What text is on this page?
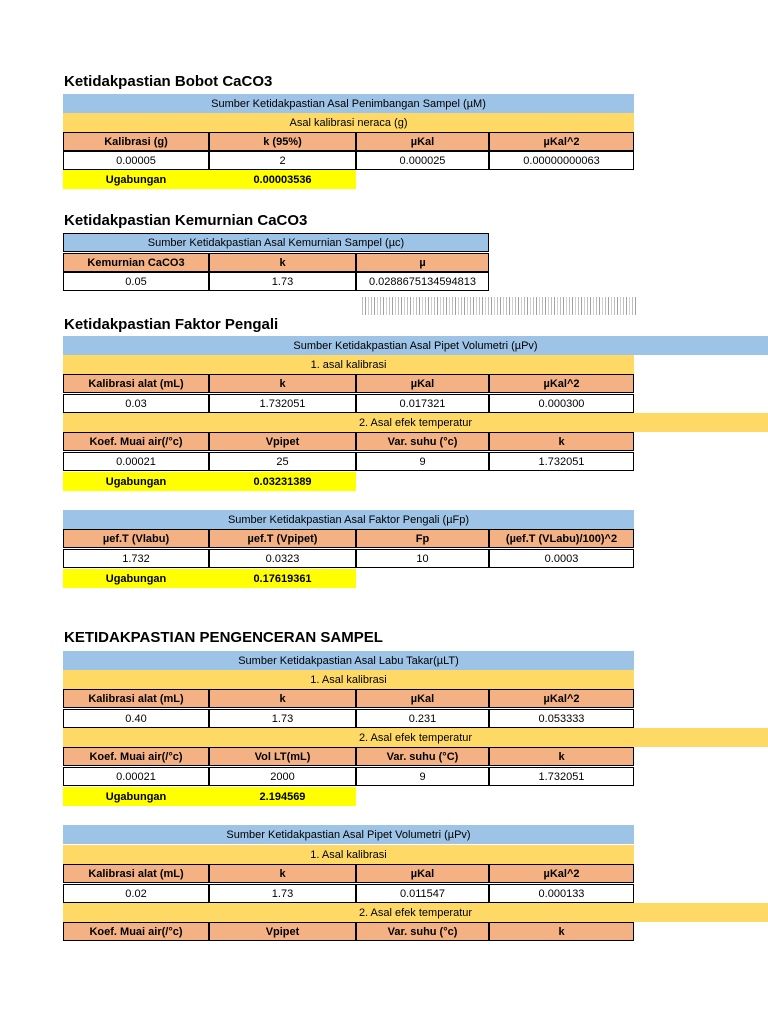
Ketidakpastian Bobot CaCO3
Sumber Ketidakpastian Asal Penimbangan Sampel (µM)
Asal kalibrasi neraca (g)
Kalibrasi (g)	k (95%)	µKal	µKal^2
0.00005	2	0.000025	0.00000000063
Ugabungan	0.00003536
Ketidakpastian Kemurnian CaCO3
Sumber Ketidakpastian Asal Kemurnian Sampel (µc)
Kemurnian CaCO3	k	µ
0.05	1.73	0.0288675134594813
Ketidakpastian Faktor Pengali
Sumber Ketidakpastian Asal Pipet Volumetri (µPv)
1. asal kalibrasi
Kalibrasi alat (mL)	k	µKal	µKal^2
0.03	1.732051	0.017321	0.000300
2. Asal efek temperatur
Koef. Muai air(/°c)	Vpipet	Var. suhu (°c)	k
0.00021	25	9	1.732051
Ugabungan	0.03231389
Sumber Ketidakpastian Asal Faktor Pengali (µFp)
µef.T (Vlabu)	µef.T (Vpipet)	Fp	(µef.T (VLabu)/100)^2
1.732	0.0323	10	0.0003
Ugabungan	0.17619361
KETIDAKPASTIAN PENGENCERAN SAMPEL
Sumber Ketidakpastian Asal Labu Takar(µLT)
1. Asal kalibrasi
Kalibrasi alat (mL)	k	µKal	µKal^2
0.40	1.73	0.231	0.053333
2. Asal efek temperatur
Koef. Muai air(/°c)	Vol LT(mL)	Var. suhu (°C)	k
0.00021	2000	9	1.732051
Ugabungan	2.194569
Sumber Ketidakpastian Asal Pipet Volumetri (µPv)
1. Asal kalibrasi
Kalibrasi alat (mL)	k	µKal	µKal^2
0.02	1.73	0.011547	0.000133
2. Asal efek temperatur
Koef. Muai air(/°c)	Vpipet	Var. suhu (°c)	k
